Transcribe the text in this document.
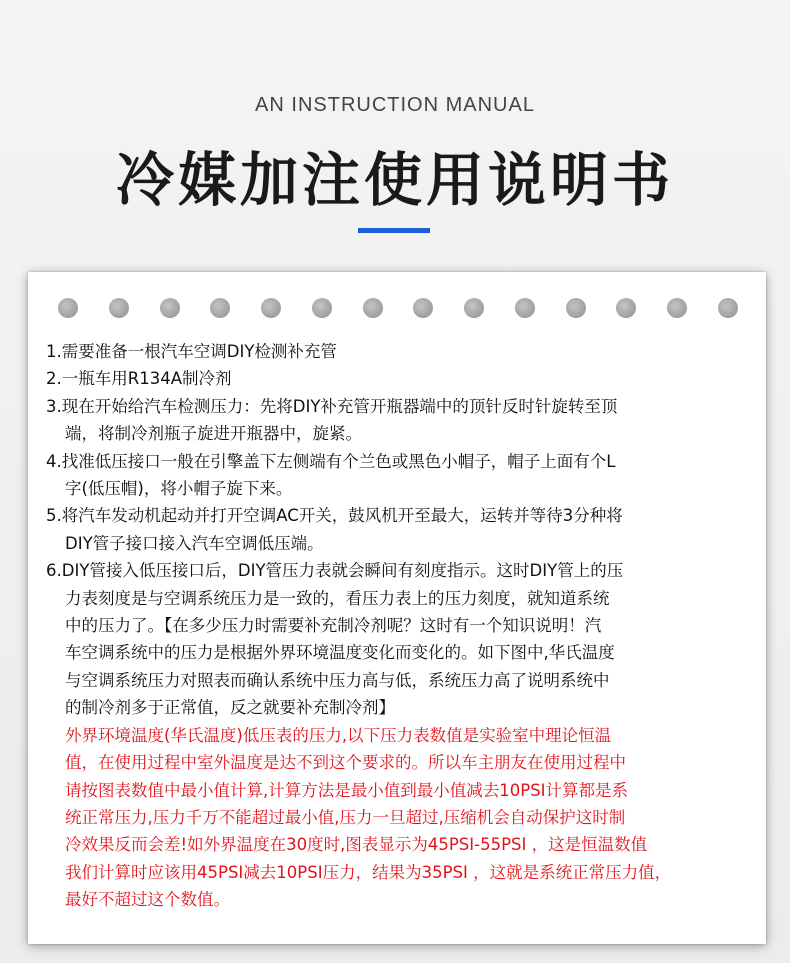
AN INSTRUCTION MANUAL
冷媒加注使用说明书
1.需要准备一根汽车空调DIY检测补充管
2.一瓶车用R134A制冷剂
3.现在开始给汽车检测压力：先将DIY补充管开瓶器端中的顶针反时针旋转至顶
端，将制冷剂瓶子旋进开瓶器中，旋紧。
4.找准低压接口一般在引擎盖下左侧端有个兰色或黑色小帽子，帽子上面有个L
字(低压帽)，将小帽子旋下来。
5.将汽车发动机起动并打开空调AC开关，鼓风机开至最大，运转并等待3分种将
DIY管子接口接入汽车空调低压端。
6.DIY管接入低压接口后，DIY管压力表就会瞬间有刻度指示。这时DIY管上的压
力表刻度是与空调系统压力是一致的，看压力表上的压力刻度，就知道系统
中的压力了。【在多少压力时需要补充制冷剂呢？这时有一个知识说明！汽
车空调系统中的压力是根据外界环境温度变化而变化的。如下图中,华氏温度
与空调系统压力对照表而确认系统中压力高与低，系统压力高了说明系统中
的制冷剂多于正常值，反之就要补充制冷剂】
外界环境温度(华氏温度)低压表的压力,以下压力表数值是实验室中理论恒温
值，在使用过程中室外温度是达不到这个要求的。所以车主朋友在使用过程中
请按图表数值中最小值计算,计算方法是最小值到最小值减去10PSI计算都是系
统正常压力,压力千万不能超过最小值,压力一旦超过,压缩机会自动保护这时制
冷效果反而会差!如外界温度在30度时,图表显示为45PSI-55PSI ，这是恒温数值
我们计算时应该用45PSI减去10PSI压力，结果为35PSI ，这就是系统正常压力值，
最好不超过这个数值。
